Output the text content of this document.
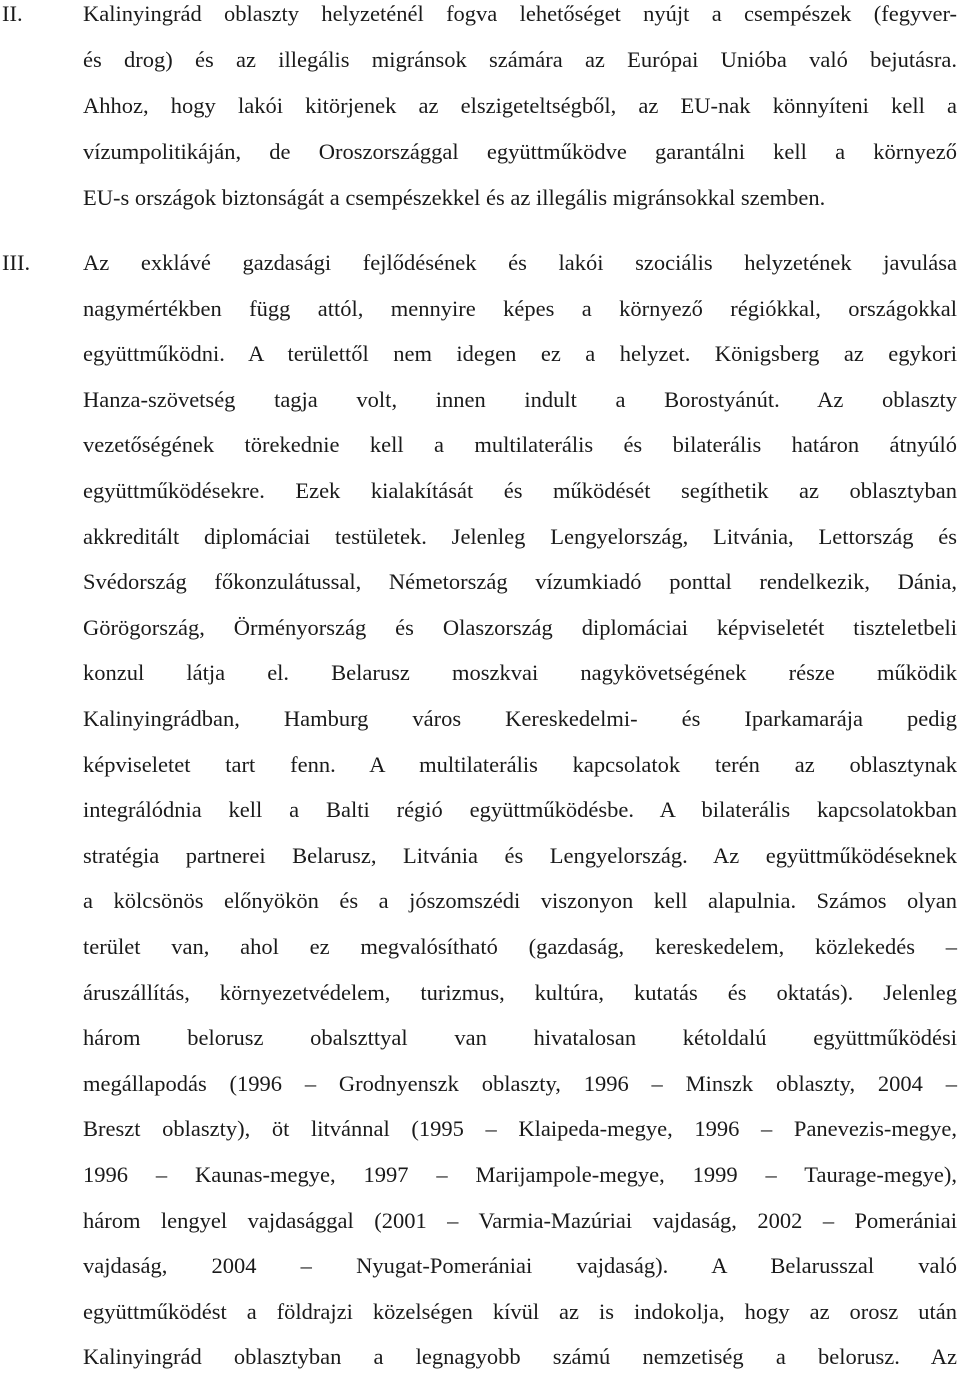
II.	Kalinyingrád oblaszty helyzeténél fogva lehetőséget nyújt a csempészek (fegyver-
és drog) és az illegális migránsok számára az Európai Unióba való bejutásra.
Ahhoz, hogy lakói kitörjenek az elszigeteltségből, az EU-nak könnyíteni kell a
vízumpolitikáján, de Oroszországgal együttműködve garantálni kell a környező
EU-s országok biztonságát a csempészekkel és az illegális migránsokkal szemben.
III. Az exklávé gazdasági fejlődésének és lakói szociális helyzetének javulása
nagymértékben függ attól, mennyire képes a környező régiókkal, országokkal
együttműködni. A területtől nem idegen ez a helyzet. Königsberg az egykori
Hanza-szövetség tagja volt, innen indult a Borostyánút. Az oblaszty
vezetőségének törekednie kell a multilaterális és bilaterális határon átnyúló
együttműködésekre. Ezek kialakítását és működését segíthetik az oblasztyban
akkreditált diplomáciai testületek. Jelenleg Lengyelország, Litvánia, Lettország és
Svédország főkonzulátussal, Németország vízumkiadó ponttal rendelkezik, Dánia,
Görögország, Örményország és Olaszország diplomáciai képviseletét tiszteletbeli
konzul látja el. Belarusz moszkvai nagykövetségének része működik
Kalinyingrádban, Hamburg város Kereskedelmi- és Iparkamarája pedig
képviseletet tart fenn. A multilaterális kapcsolatok terén az oblasztynak
integrálódnia kell a Balti régió együttműködésbe. A bilaterális kapcsolatokban
stratégia partnerei Belarusz, Litvánia és Lengyelország. Az együttműködéseknek
a kölcsönös előnyökön és a jószomszédi viszonyon kell alapulnia. Számos olyan
terület van, ahol ez megvalósítható (gazdaság, kereskedelem, közlekedés –
áruszállítás, környezetvédelem, turizmus, kultúra, kutatás és oktatás). Jelenleg
három belorusz obalszttyal van hivatalosan kétoldalú együttműködési
megállapodás (1996 – Grodnyenszk oblaszty, 1996 – Minszk oblaszty, 2004 –
Breszt oblaszty), öt litvánnal (1995 – Klaipeda-megye, 1996 – Panevezis-megye,
1996 – Kaunas-megye, 1997 – Marijampole-megye, 1999 – Taurage-megye),
három lengyel vajdasággal (2001 – Varmia-Mazúriai vajdaság, 2002 – Pomerániai
vajdaság, 2004 – Nyugat-Pomerániai vajdaság). A Belarusszal való
együttműködést a földrajzi közelségen kívül az is indokolja, hogy az orosz után
Kalinyingrád oblasztyban a legnagyobb számú nemzetiség a belorusz. Az
